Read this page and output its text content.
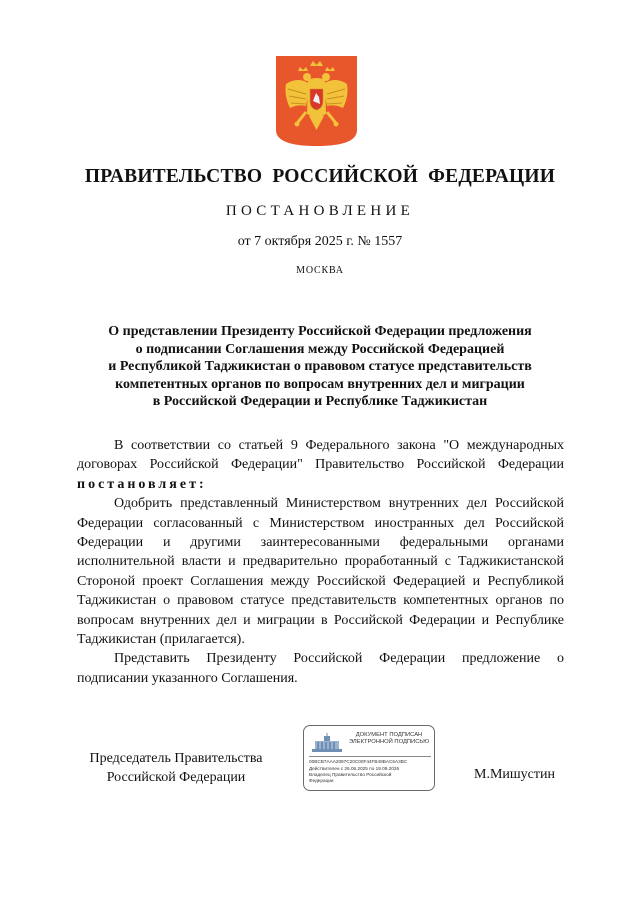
ПРАВИТЕЛЬСТВО РОССИЙСКОЙ ФЕДЕРАЦИИ
ПОСТАНОВЛЕНИЕ
от 7 октября 2025 г. № 1557
МОСКВА
О представлении Президенту Российской Федерации предложения
о подписании Соглашения между Российской Федерацией
и Республикой Таджикистан о правовом статусе представительств
компетентных органов по вопросам внутренних дел и миграции
в Российской Федерации и Республике Таджикистан

В соответствии со статьей 9 Федерального закона "О международных договорах Российской Федерации" Правительство Российской Федерации постановляет:

Одобрить представленный Министерством внутренних дел Российской Федерации согласованный с Министерством иностранных дел Российской Федерации и другими заинтересованными федеральными органами исполнительной власти и предварительно проработанный с Таджикистанской Стороной проект Соглашения между Российской Федерацией и Республикой Таджикистан о правовом статусе представительств компетентных органов по вопросам внутренних дел и миграции в Российской Федерации и Республике Таджикистан (прилагается).

Представить Президенту Российской Федерации предложение о подписании указанного Соглашения.

Председатель Правительства
Российской Федерации
ДОКУМЕНТ ПОДПИСАН
ЭЛЕКТРОННОЙ ПОДПИСЬЮ
00BCB7AAA2097C20C00F44FB49BAC6A3BC
Действителен с 26.06.2025 по 19.09.2026
Владелец Правительство Российской
Федерации	М.Мишустин
